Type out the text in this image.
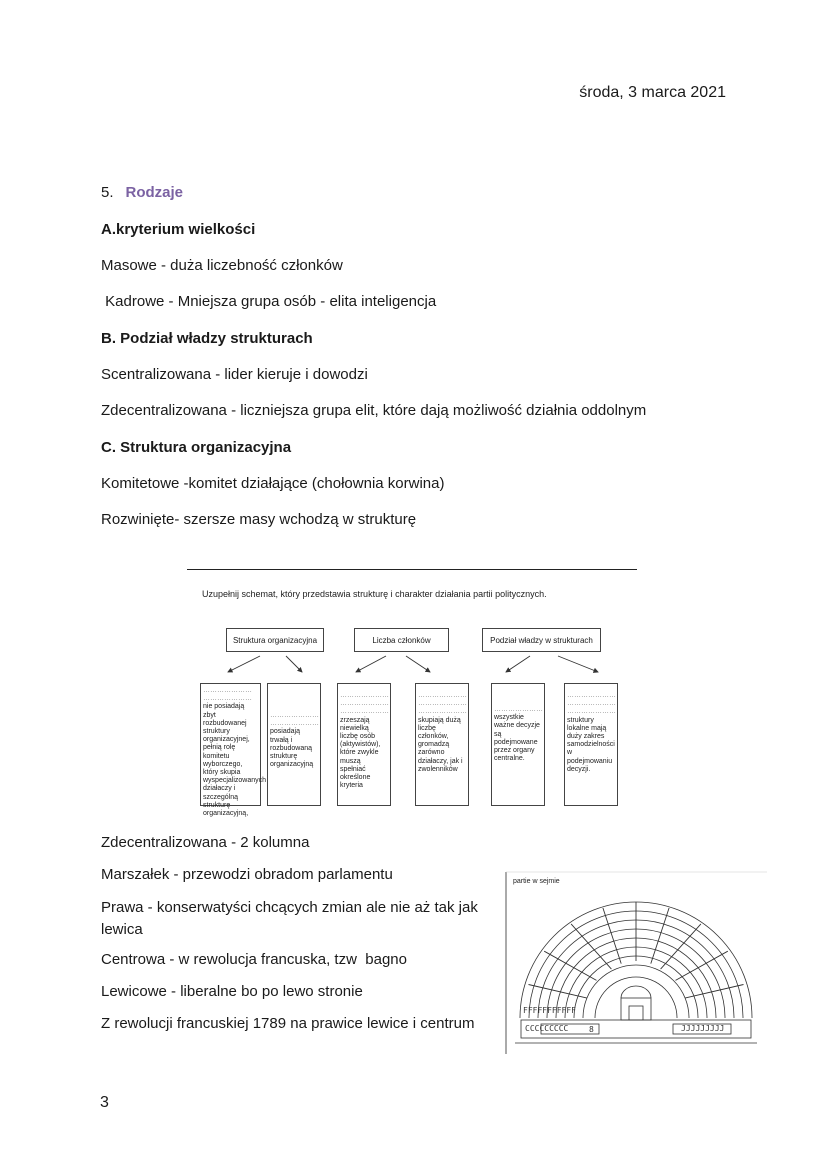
środa, 3 marca 2021
5. Rodzaje
A.kryterium wielkości
Masowe - duża liczebność członków
Kadrowe - Mniejsza grupa osób - elita inteligencja
B. Podział władzy strukturach
Scentralizowana - lider kieruje i dowodzi
Zdecentralizowana - liczniejsza grupa elit, które dają możliwość działnia oddolnym
C. Struktura organizacyjna
Komitetowe -komitet działające (chołownia korwina)
Rozwinięte- szersze masy wchodzą w strukturę
Uzupełnij schemat, który przedstawia strukturę i charakter działania partii politycznych.
Struktura organizacyjna	Liczba członków	Podział władzy w strukturach
…………………
…………………
nie posiadają zbyt rozbudowanej struktury organizacyjnej, pełnią rolę komitetu wyborczego, który skupia wyspecjalizowanych działaczy i szczególną strukturę organizacyjną,
…………………
…………………
posiadają trwałą i rozbudowaną strukturę organizacyjną
…………………
…………………
…………………
zrzeszają niewielką liczbę osób (aktywistów), które zwykle muszą spełniać określone kryteria
…………………
…………………
…………………
skupiają dużą liczbę członków, gromadzą zarówno działaczy, jak i zwolenników
…………………
wszystkie ważne decyzje są podejmowane przez organy centralne.
…………………
…………………
…………………
struktury lokalne mają duży zakres samodzielności w podejmowaniu decyzji.
Zdecentralizowana - 2 kolumna
Marszałek - przewodzi obradom parlamentu
Prawa - konserwatyści chcących zmian ale nie aż tak jak lewica
Centrowa - w rewolucja francuska, tzw  bagno
Lewicowe - liberalne bo po lewo stronie
Z rewolucji francuskiej 1789 na prawice lewice i centrum
FFFFFFFFFFF
CCCCCCCCC	JJJJJJJJJ
8
partie w sejmie
3
